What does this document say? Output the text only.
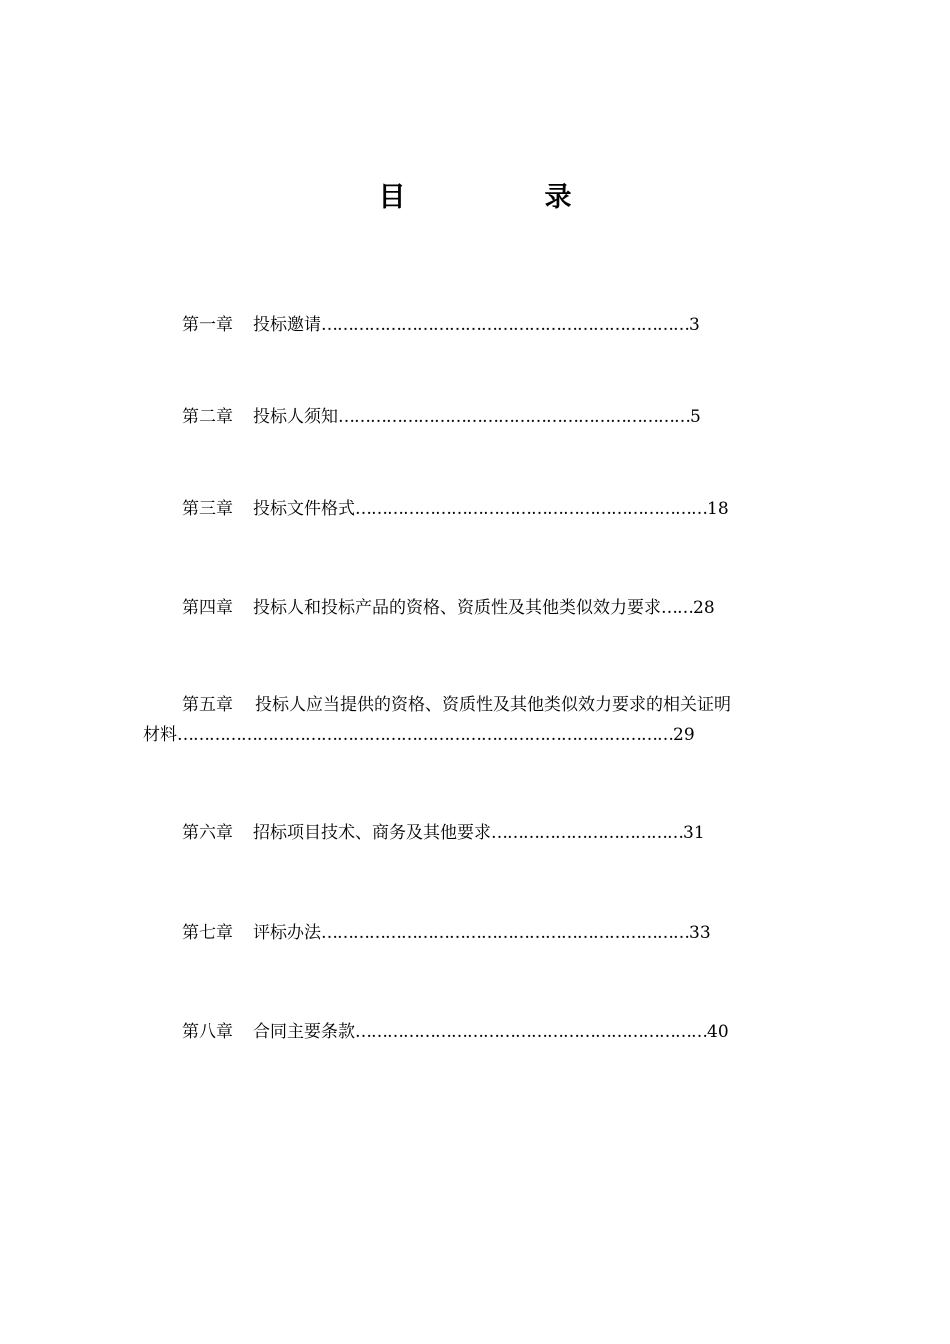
目　录
第一章 投标邀请……………………………………………………………3
第二章 投标人须知…………………………………………………………5
第三章 投标文件格式…………………………………………………………18
第四章 投标人和投标产品的资格、资质性及其他类似效力要求……28
第五章 投标人应当提供的资格、资质性及其他类似效力要求的相关证明
材料…………………………………………………………………………………29
第六章 招标项目技术、商务及其他要求………………………………31
第七章 评标办法……………………………………………………………33
第八章 合同主要条款…………………………………………………………40
